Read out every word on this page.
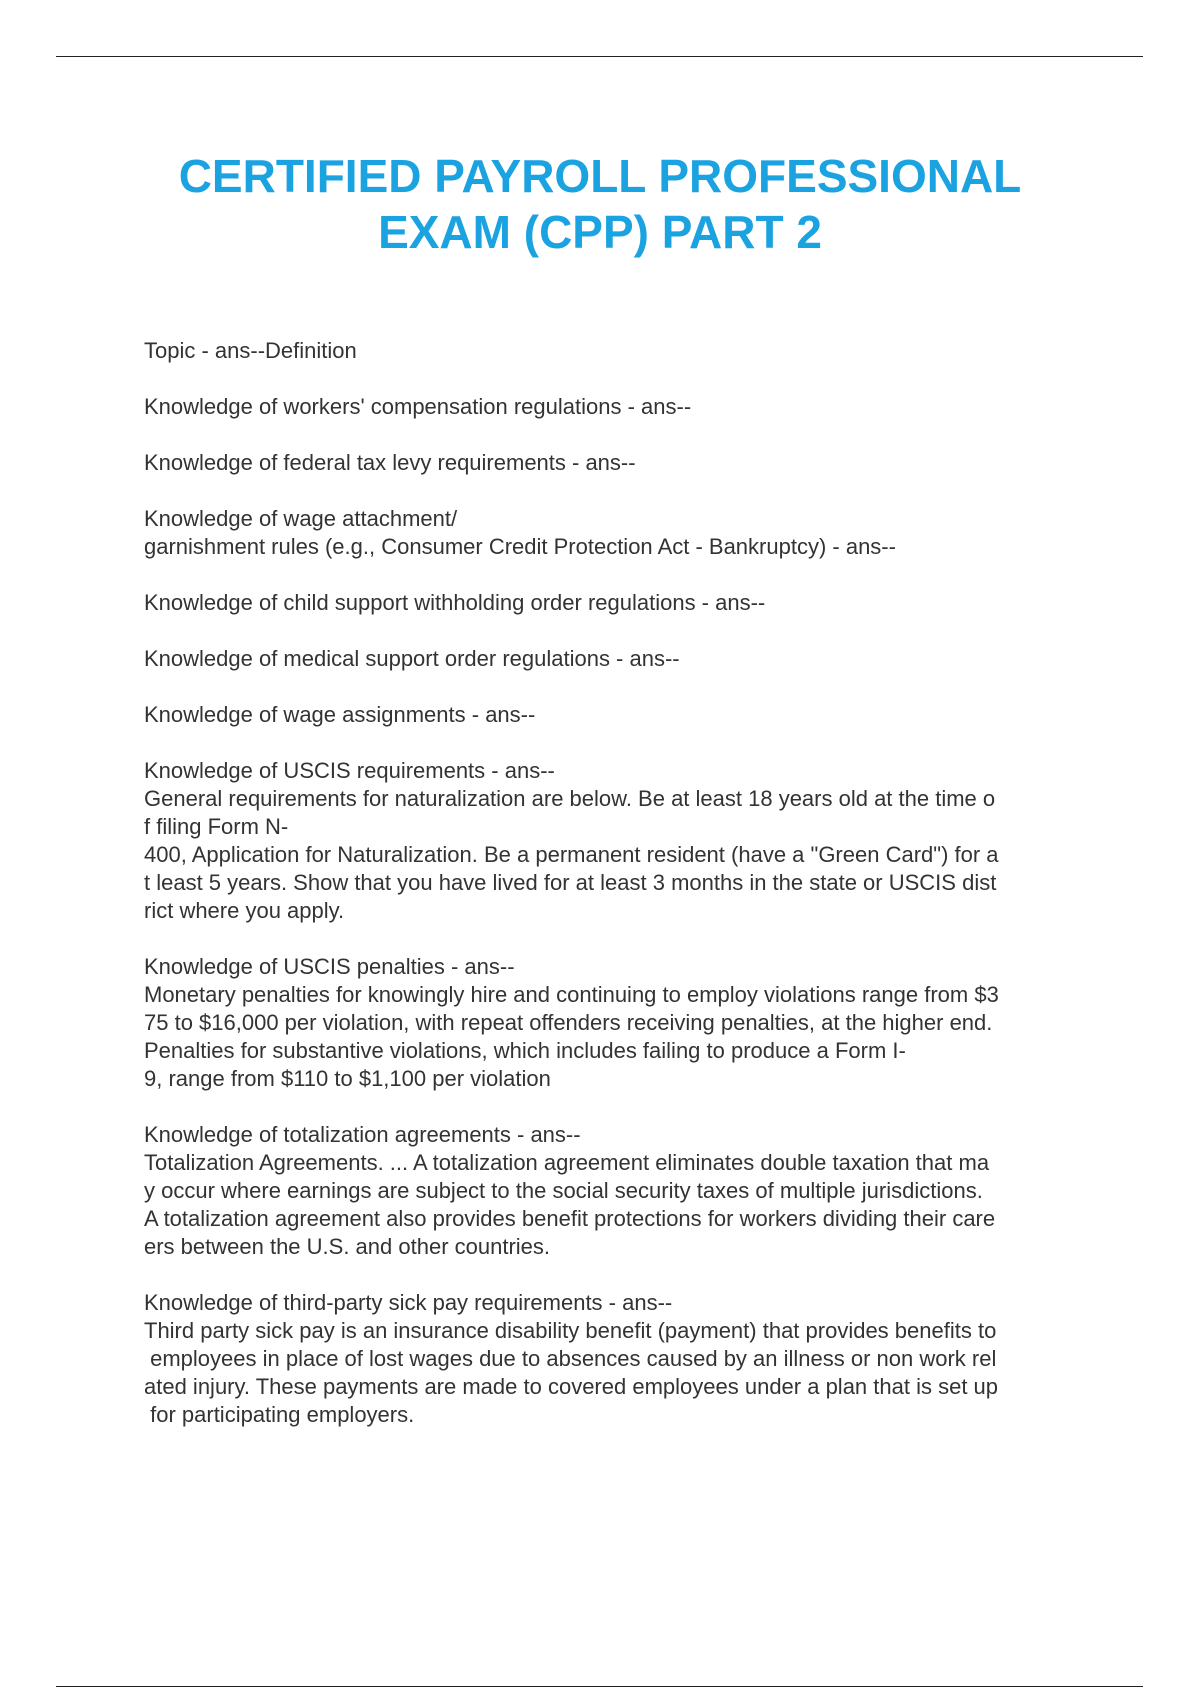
CERTIFIED PAYROLL PROFESSIONAL
EXAM (CPP) PART 2
Topic - ans--Definition
Knowledge of workers' compensation regulations - ans--
Knowledge of federal tax levy requirements - ans--
Knowledge of wage attachment/
garnishment rules (e.g., Consumer Credit Protection Act - Bankruptcy) - ans--
Knowledge of child support withholding order regulations - ans--
Knowledge of medical support order regulations - ans--
Knowledge of wage assignments - ans--
Knowledge of USCIS requirements - ans--
General requirements for naturalization are below. Be at least 18 years old at the time o
f filing Form N-
400, Application for Naturalization. Be a permanent resident (have a "Green Card") for a
t least 5 years. Show that you have lived for at least 3 months in the state or USCIS dist
rict where you apply.
Knowledge of USCIS penalties - ans--
Monetary penalties for knowingly hire and continuing to employ violations range from $3
75 to $16,000 per violation, with repeat offenders receiving penalties, at the higher end.
Penalties for substantive violations, which includes failing to produce a Form I-
9, range from $110 to $1,100 per violation
Knowledge of totalization agreements - ans--
Totalization Agreements. ... A totalization agreement eliminates double taxation that ma
y occur where earnings are subject to the social security taxes of multiple jurisdictions.
A totalization agreement also provides benefit protections for workers dividing their care
ers between the U.S. and other countries.
Knowledge of third-party sick pay requirements - ans--
Third party sick pay is an insurance disability benefit (payment) that provides benefits to
employees in place of lost wages due to absences caused by an illness or non work rel
ated injury. These payments are made to covered employees under a plan that is set up
for participating employers.
